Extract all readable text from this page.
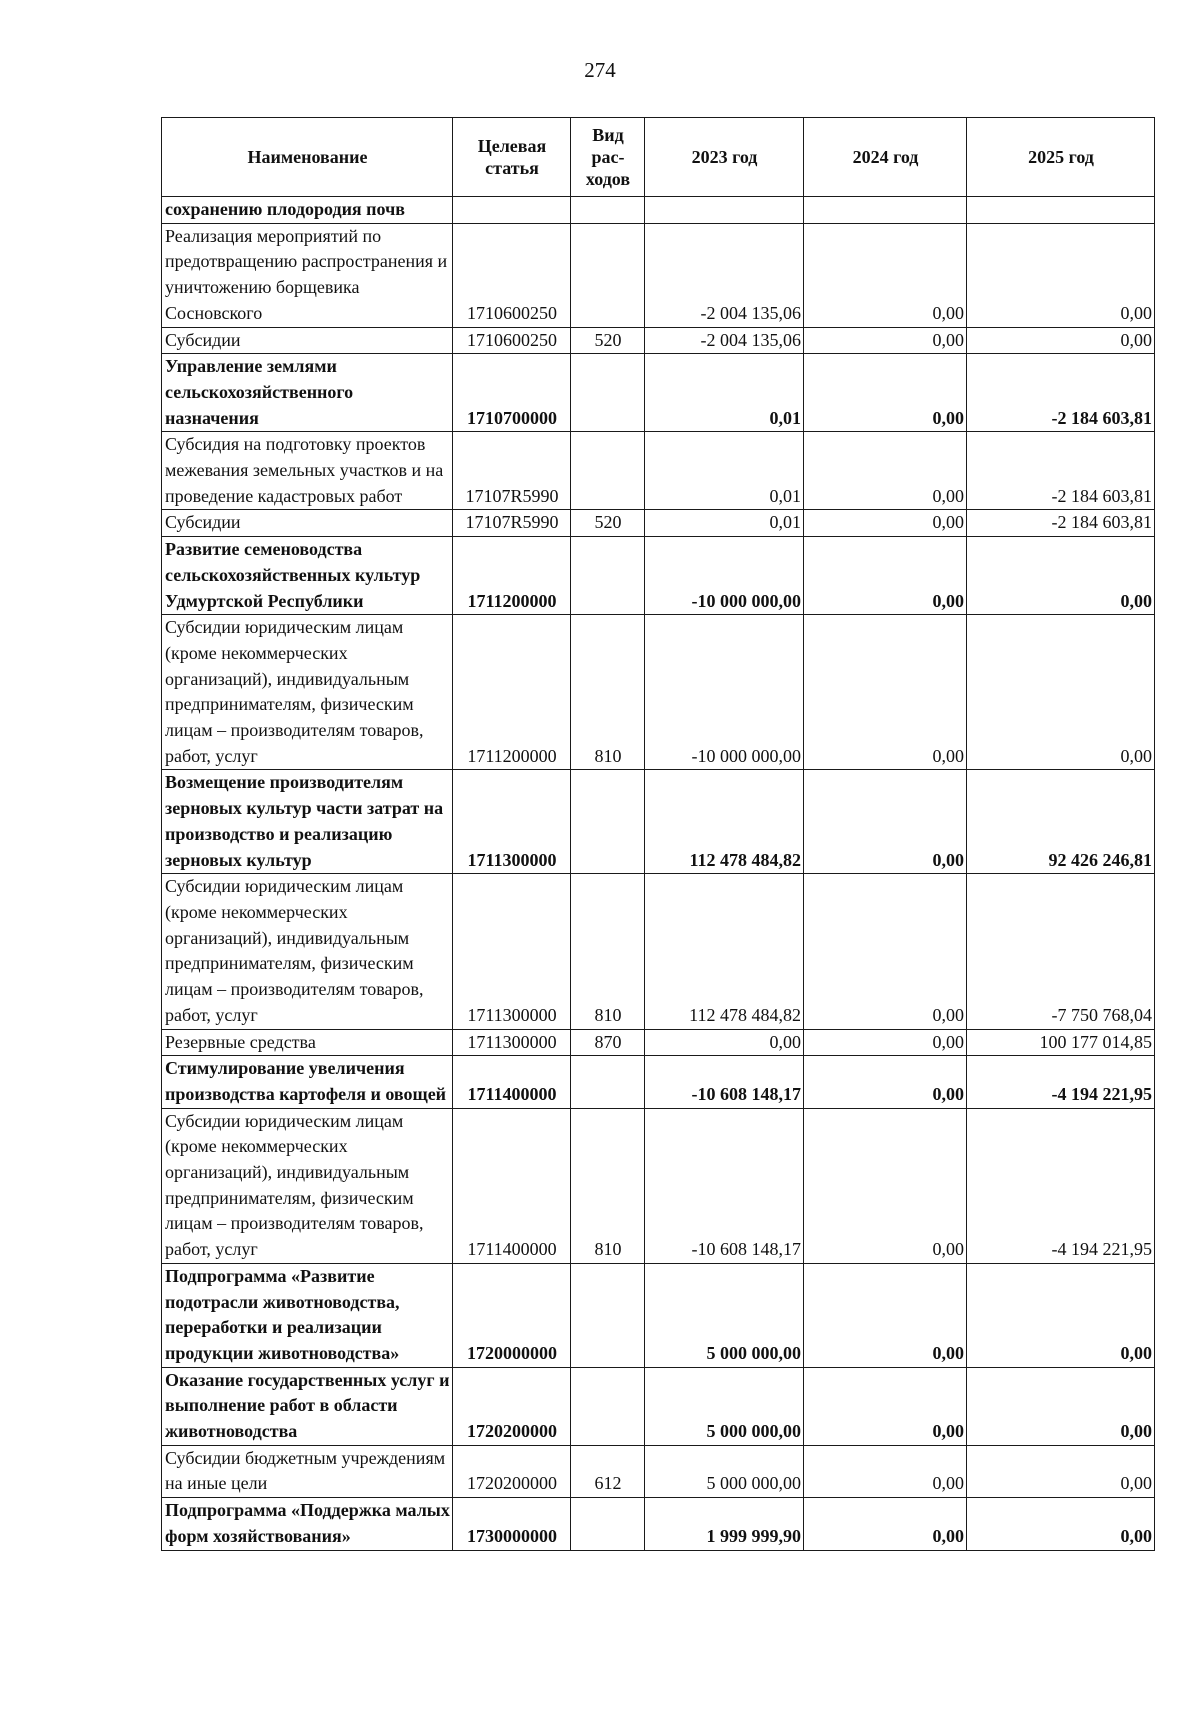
274
Наименование	Целевая статья	Вид рас-ходов	2023 год	2024 год	2025 год
сохранению плодородия почв					
Реализация мероприятий по предотвращению распространения и уничтожению борщевика Сосновского	1710600250		-2 004 135,06	0,00	0,00
Субсидии	1710600250	520	-2 004 135,06	0,00	0,00
Управление землями сельскохозяйственного назначения	1710700000		0,01	0,00	-2 184 603,81
Субсидия на подготовку проектов межевания земельных участков и на проведение кадастровых работ	17107R5990		0,01	0,00	-2 184 603,81
Субсидии	17107R5990	520	0,01	0,00	-2 184 603,81
Развитие семеноводства сельскохозяйственных культур Удмуртской Республики	1711200000		-10 000 000,00	0,00	0,00
Субсидии юридическим лицам (кроме некоммерческих организаций), индивидуальным предпринимателям, физическим лицам – производителям товаров, работ, услуг	1711200000	810	-10 000 000,00	0,00	0,00
Возмещение производителям зерновых культур части затрат на производство и реализацию зерновых культур	1711300000		112 478 484,82	0,00	92 426 246,81
Субсидии юридическим лицам (кроме некоммерческих организаций), индивидуальным предпринимателям, физическим лицам – производителям товаров, работ, услуг	1711300000	810	112 478 484,82	0,00	-7 750 768,04
Резервные средства	1711300000	870	0,00	0,00	100 177 014,85
Стимулирование увеличения производства картофеля и овощей	1711400000		-10 608 148,17	0,00	-4 194 221,95
Субсидии юридическим лицам (кроме некоммерческих организаций), индивидуальным предпринимателям, физическим лицам – производителям товаров, работ, услуг	1711400000	810	-10 608 148,17	0,00	-4 194 221,95
Подпрограмма «Развитие подотрасли животноводства, переработки и реализации продукции животноводства»	1720000000		5 000 000,00	0,00	0,00
Оказание государственных услуг и выполнение работ в области животноводства	1720200000		5 000 000,00	0,00	0,00
Субсидии бюджетным учреждениям на иные цели	1720200000	612	5 000 000,00	0,00	0,00
Подпрограмма «Поддержка малых форм хозяйствования»	1730000000		1 999 999,90	0,00	0,00
